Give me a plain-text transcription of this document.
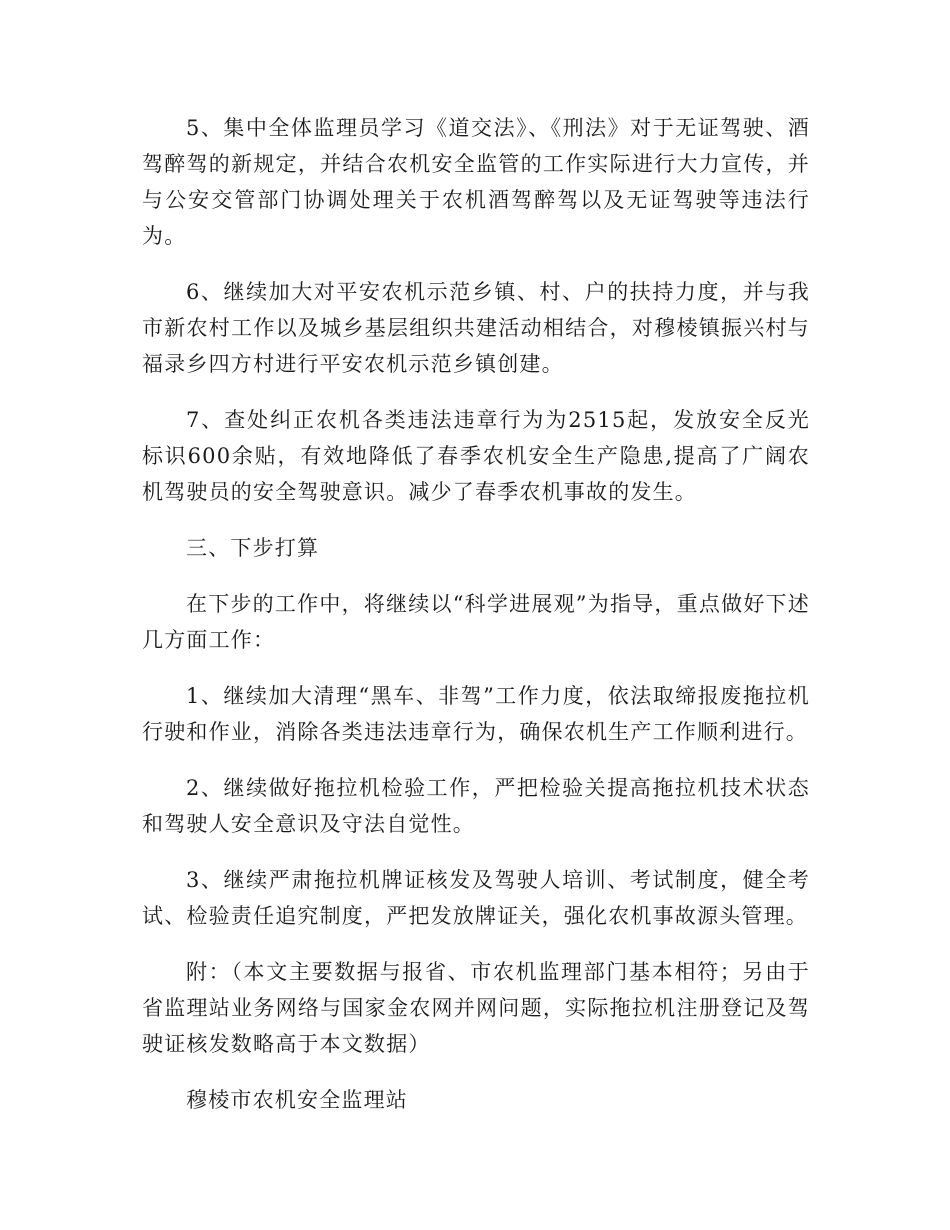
5、集中全体监理员学习《道交法》、《刑法》对于无证驾驶、酒驾醉驾的新规定，并结合农机安全监管的工作实际进行大力宣传，并与公安交管部门协调处理关于农机酒驾醉驾以及无证驾驶等违法行为。

6、继续加大对平安农机示范乡镇、村、户的扶持力度，并与我市新农村工作以及城乡基层组织共建活动相结合，对穆棱镇振兴村与福录乡四方村进行平安农机示范乡镇创建。

7、查处纠正农机各类违法违章行为为2515起，发放安全反光标识600余贴，有效地降低了春季农机安全生产隐患,提高了广阔农机驾驶员的安全驾驶意识。减少了春季农机事故的发生。

三、下步打算

在下步的工作中，将继续以“科学进展观”为指导，重点做好下述几方面工作：

1、继续加大清理“黑车、非驾”工作力度，依法取缔报废拖拉机行驶和作业，消除各类违法违章行为，确保农机生产工作顺利进行。

2、继续做好拖拉机检验工作，严把检验关提高拖拉机技术状态和驾驶人安全意识及守法自觉性。

3、继续严肃拖拉机牌证核发及驾驶人培训、考试制度，健全考试、检验责任追究制度，严把发放牌证关，强化农机事故源头管理。

附：（本文主要数据与报省、市农机监理部门基本相符；另由于省监理站业务网络与国家金农网并网问题，实际拖拉机注册登记及驾驶证核发数略高于本文数据）

穆棱市农机安全监理站
